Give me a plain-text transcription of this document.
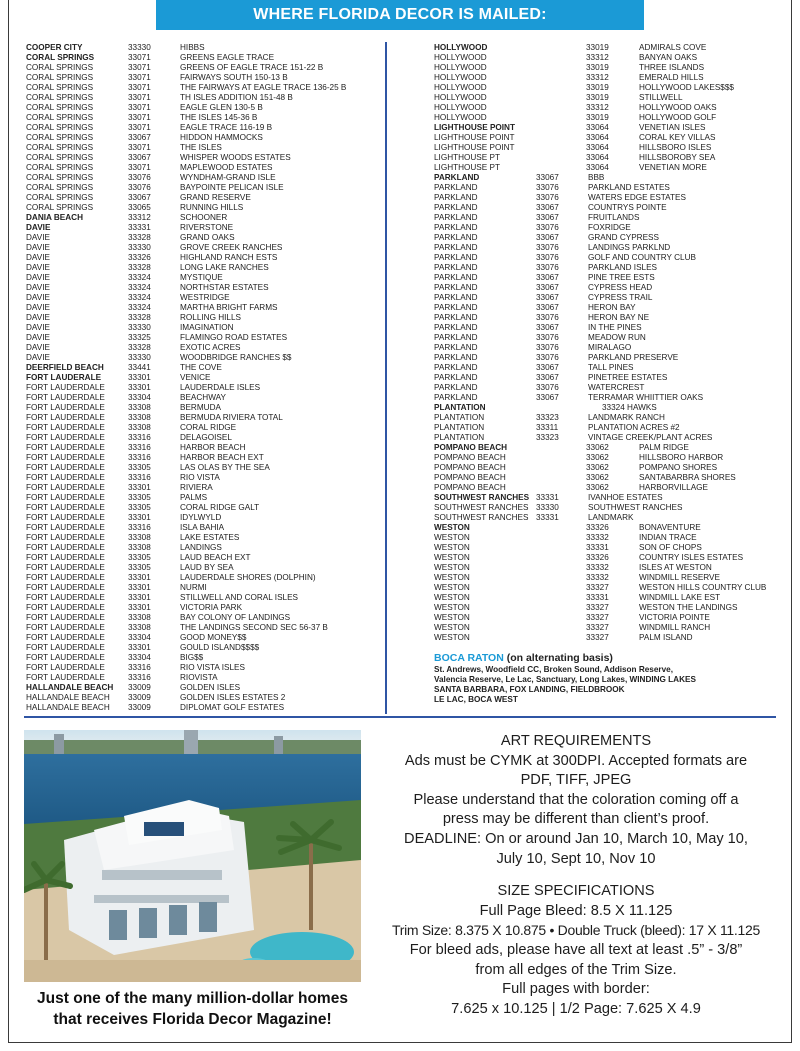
WHERE FLORIDA DECOR IS MAILED:
COOPER CITY	33330	HIBBS
CORAL SPRINGS	33071	GREENS EAGLE TRACE
CORAL SPRINGS	33071	GREENS OF EAGLE TRACE 151-22 B
CORAL SPRINGS	33071	FAIRWAYS SOUTH 150-13 B
CORAL SPRINGS	33071	THE FAIRWAYS AT EAGLE TRACE 136-25 B
CORAL SPRINGS	33071	TH ISLES ADDITION 151-48 B
CORAL SPRINGS	33071	EAGLE GLEN 130-5 B
CORAL SPRINGS	33071	THE ISLES 145-36 B
CORAL SPRINGS	33071	EAGLE TRACE 116-19 B
CORAL SPRINGS	33067	HIDDON HAMMOCKS
CORAL SPRINGS	33071	THE ISLES
CORAL SPRINGS	33067	WHISPER WOODS ESTATES
CORAL SPRINGS	33071	MAPLEWOOD ESTATES
CORAL SPRINGS	33076	WYNDHAM-GRAND ISLE
CORAL SPRINGS	33076	BAYPOINTE PELICAN ISLE
CORAL SPRINGS	33067	GRAND RESERVE
CORAL SPRINGS	33065	RUNNING HILLS
DANIA BEACH	33312	SCHOONER
DAVIE	33331	RIVERSTONE
DAVIE	33328	GRAND OAKS
DAVIE	33330	GROVE CREEK RANCHES
DAVIE	33326	HIGHLAND RANCH ESTS
DAVIE	33328	LONG LAKE RANCHES
DAVIE	33324	MYSTIQUE
DAVIE	33324	NORTHSTAR ESTATES
DAVIE	33324	WESTRIDGE
DAVIE	33324	MARTHA BRIGHT FARMS
DAVIE	33328	ROLLING HILLS
DAVIE	33330	IMAGINATION
DAVIE	33325	FLAMINGO ROAD ESTATES
DAVIE	33328	EXOTIC ACRES
DAVIE	33330	WOODBRIDGE RANCHES $$
DEERFIELD BEACH	33441	THE COVE
FORT LAUDERALE	33301	VENICE
FORT LAUDERDALE	33301	LAUDERDALE ISLES
FORT LAUDERDALE	33304	BEACHWAY
FORT LAUDERDALE	33308	BERMUDA
FORT LAUDERDALE	33308	BERMUDA RIVIERA TOTAL
FORT LAUDERDALE	33308	CORAL RIDGE
FORT LAUDERDALE	33316	DELAGOISEL
FORT LAUDERDALE	33316	HARBOR BEACH
FORT LAUDERDALE	33316	HARBOR BEACH EXT
FORT LAUDERDALE	33305	LAS OLAS BY THE SEA
FORT LAUDERDALE	33316	RIO VISTA
FORT LAUDERDALE	33301	RIVIERA
FORT LAUDERDALE	33305	PALMS
FORT LAUDERDALE	33305	CORAL RIDGE GALT
FORT LAUDERDALE	33301	IDYLWYLD
FORT LAUDERDALE	33316	ISLA BAHIA
FORT LAUDERDALE	33308	LAKE ESTATES
FORT LAUDERDALE	33308	LANDINGS
FORT LAUDERDALE	33305	LAUD BEACH EXT
FORT LAUDERDALE	33305	LAUD BY SEA
FORT LAUDERDALE	33301	LAUDERDALE SHORES (DOLPHIN)
FORT LAUDERDALE	33301	NURMI
FORT LAUDERDALE	33301	STILLWELL AND CORAL ISLES
FORT LAUDERDALE	33301	VICTORIA PARK
FORT LAUDERDALE	33308	BAY COLONY OF LANDINGS
FORT LAUDERDALE	33308	THE LANDINGS SECOND SEC 56-37 B
FORT LAUDERDALE	33304	GOOD MONEY$$
FORT LAUDERDALE	33301	GOULD ISLAND$$$$
FORT LAUDERDALE	33304	BIG$$
FORT LAUDERDALE	33316	RIO VISTA ISLES
FORT LAUDERDALE	33316	RIOVISTA
HALLANDALE BEACH 33009	GOLDEN ISLES
HALLANDALE BEACH 33009	GOLDEN ISLES ESTATES 2
HALLANDALE BEACH 33009	DIPLOMAT GOLF ESTATES
HOLLYWOOD	33019	ADMIRALS COVE
HOLLYWOOD	33312	BANYAN OAKS
HOLLYWOOD	33019	THREE ISLANDS
HOLLYWOOD	33312	EMERALD HILLS
HOLLYWOOD	33019	HOLLYWOOD LAKES$$$
HOLLYWOOD	33019	STILLWELL
HOLLYWOOD	33312	HOLLYWOOD OAKS
HOLLYWOOD	33019	HOLLYWOOD GOLF
LIGHTHOUSE POINT	33064	VENETIAN ISLES
LIGHTHOUSE POINT	33064	CORAL KEY VILLAS
LIGHTHOUSE POINT	33064	HILLSBORO ISLES
LIGHTHOUSE PT	33064	HILLSBOROBY SEA
LIGHTHOUSE PT	33064	VENETIAN MORE
PARKLAND	33067	BBB
PARKLAND	33076	PARKLAND ESTATES
PARKLAND	33076	WATERS EDGE ESTATES
PARKLAND	33067	COUNTRYS POINTE
PARKLAND	33067	FRUITLANDS
PARKLAND	33076	FOXRIDGE
PARKLAND	33067	GRAND CYPRESS
PARKLAND	33076	LANDINGS PARKLND
PARKLAND	33076	GOLF AND COUNTRY CLUB
PARKLAND	33076	PARKLAND ISLES
PARKLAND	33067	PINE TREE ESTS
PARKLAND	33067	CYPRESS HEAD
PARKLAND	33067	CYPRESS TRAIL
PARKLAND	33067	HERON BAY
PARKLAND	33076	HERON BAY NE
PARKLAND	33067	IN THE PINES
PARKLAND	33076	MEADOW RUN
PARKLAND	33076	MIRALAGO
PARKLAND	33076	PARKLAND PRESERVE
PARKLAND	33067	TALL PINES
PARKLAND	33067	PINETREE ESTATES
PARKLAND	33076	WATERCREST
PARKLAND	33067	TERRAMAR WHIITTIER OAKS
PLANTATION	33324 HAWKS
PLANTATION	33323	LANDMARK RANCH
PLANTATION	33311	PLANTATION ACRES #2
PLANTATION	33323	VINTAGE CREEK/PLANT ACRES
POMPANO BEACH	33062	PALM RIDGE
POMPANO BEACH	33062	HILLSBORO HARBOR
POMPANO BEACH	33062	POMPANO SHORES
POMPANO BEACH	33062	SANTABARBRA SHORES
POMPANO BEACH	33062	HARBORVILLAGE
SOUTHWEST RANCHES 33331	IVANHOE ESTATES
SOUTHWEST RANCHES 33330	SOUTHWEST RANCHES
SOUTHWEST RANCHES 33331	LANDMARK
WESTON	33326	BONAVENTURE
WESTON	33332	INDIAN TRACE
WESTON	33331	SON OF CHOPS
WESTON	33326	COUNTRY ISLES ESTATES
WESTON	33332	ISLES AT WESTON
WESTON	33332	WINDMILL RESERVE
WESTON	33327	WESTON HILLS COUNTRY CLUB
WESTON	33331	WINDMILL LAKE EST
WESTON	33327	WESTON THE LANDINGS
WESTON	33327	VICTORIA POINTE
WESTON	33327	WINDMILL RANCH
WESTON	33327	PALM ISLAND
BOCA RATON (on alternating basis)
St. Andrews, Woodfield CC, Broken Sound, Addison Reserve,
Valencia Reserve, Le Lac, Sanctuary, Long Lakes, WINDING LAKES
SANTA BARBARA, FOX LANDING, FIELDBROOK
LE LAC, BOCA WEST
Just one of the many million-dollar homes
that receives Florida Decor Magazine!
ART REQUIREMENTS
Ads must be CYMK at 300DPI. Accepted formats are
PDF, TIFF, JPEG
Please understand that the coloration coming off a
press may be different than client’s proof.
DEADLINE: On or around Jan 10, March 10, May 10,
July 10, Sept 10, Nov 10
SIZE SPECIFICATIONS
Full Page Bleed: 8.5 X 11.125
Trim Size: 8.375 X 10.875 • Double Truck (bleed): 17 X 11.125
For bleed ads, please have all text at least .5” - 3/8”
from all edges of the Trim Size.
Full pages with border:
7.625 x 10.125 | 1/2 Page: 7.625 X 4.9
